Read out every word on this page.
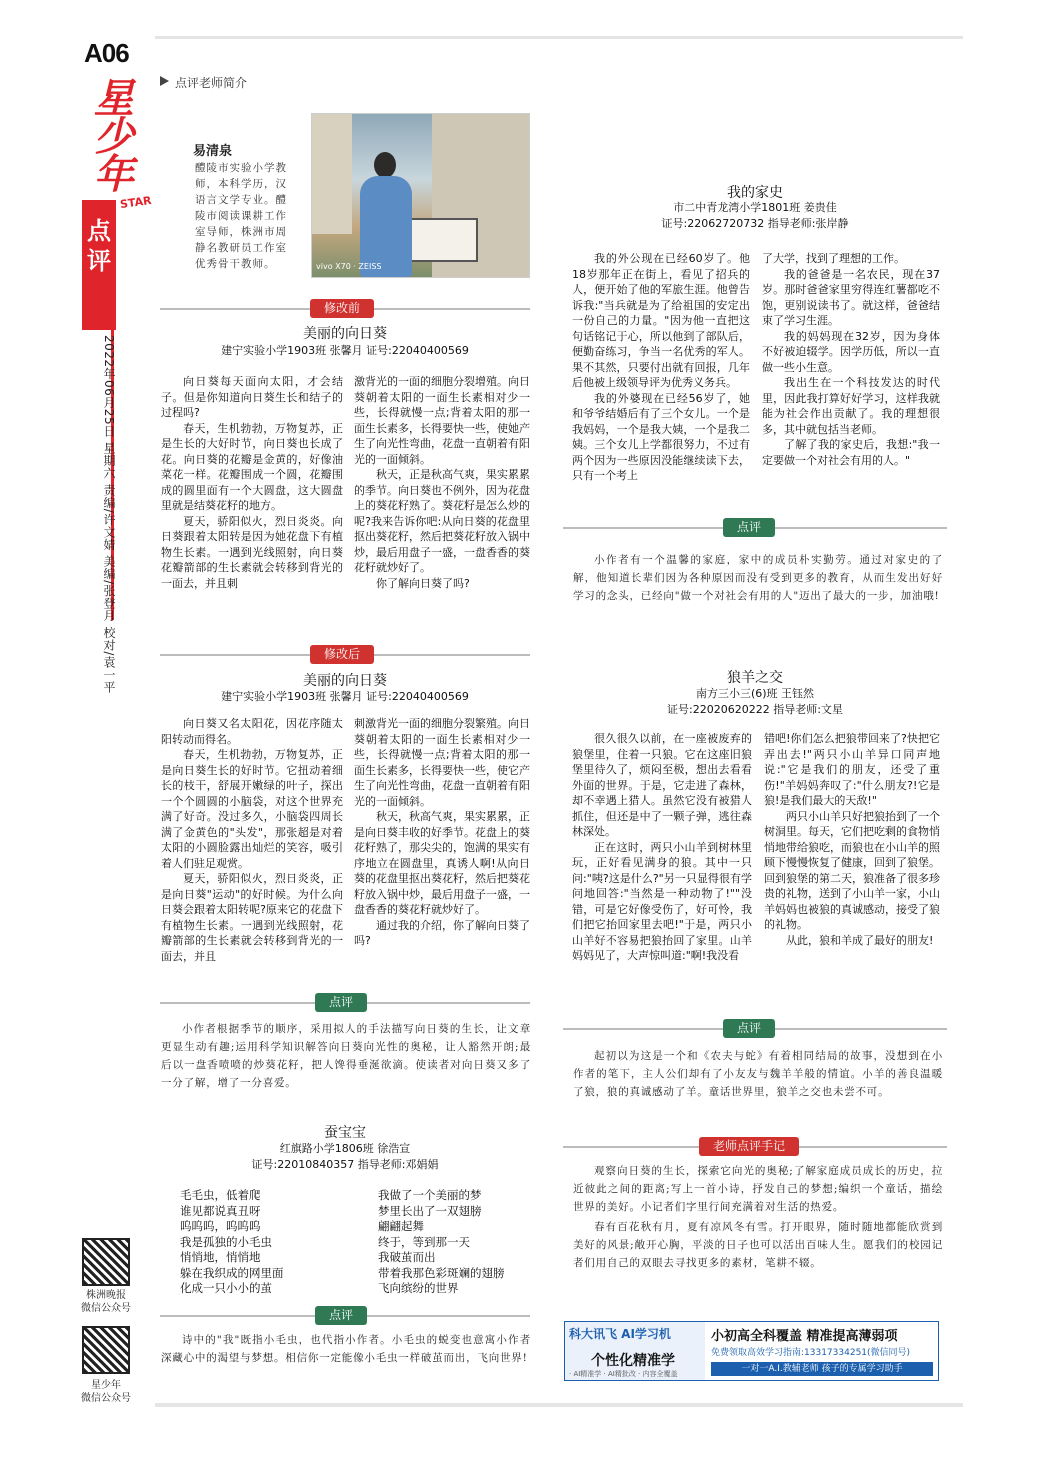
A06
星少年
STAR
点评
2022年06月25日 星期六 责编/许文婧 美编/张登月 校对/袁一平
株洲晚报
微信公众号
星少年
微信公众号
点评老师简介
易清泉
醴陵市实验小学教师，本科学历，汉语言文学专业。醴陵市阅读课耕工作室导师，株洲市周静名教研员工作室优秀骨干教师。	vivo X70 · ZEISS
修改前
美丽的向日葵
建宁实验小学1903班 张馨月 证号:22040400569

向日葵每天面向太阳，才会结子。但是你知道向日葵生长和结子的过程吗?

春天，生机勃勃，万物复苏，正是生长的大好时节，向日葵也长成了花。向日葵的花瓣是金黄的，好像油菜花一样。花瓣围成一个圆，花瓣围成的圆里面有一个大圆盘，这大圆盘里就是结葵花籽的地方。

夏天，骄阳似火，烈日炎炎。向日葵跟着太阳转是因为她花盘下有植物生长素。一遇到光线照射，向日葵花瓣箭部的生长素就会转移到背光的一面去，并且刺

激背光的一面的细胞分裂增殖。向日葵朝着太阳的一面生长素相对少一些，长得就慢一点;背着太阳的那一面生长素多，长得要快一些，使她产生了向光性弯曲，花盘一直朝着有阳光的一面倾斜。

秋天，正是秋高气爽，果实累累的季节。向日葵也不例外，因为花盘上的葵花籽熟了。葵花籽是怎么炒的呢?我来告诉你吧:从向日葵的花盘里抠出葵花籽，然后把葵花籽放入锅中炒，最后用盘子一盛，一盘香香的葵花籽就炒好了。

你了解向日葵了吗?

修改后
美丽的向日葵
建宁实验小学1903班 张馨月 证号:22040400569

向日葵又名太阳花，因花序随太阳转动而得名。

春天，生机勃勃，万物复苏，正是向日葵生长的好时节。它扭动着细长的枝干，舒展开嫩绿的叶子，探出一个个圆圆的小脑袋，对这个世界充满了好奇。没过多久，小脑袋四周长满了金黄色的"头发"，那张超是对着太阳的小圆脸露出灿烂的笑容，吸引着人们驻足观赏。

夏天，骄阳似火，烈日炎炎，正是向日葵"运动"的好时候。为什么向日葵会跟着太阳转呢?原来它的花盘下有植物生长素。一遇到光线照射，花瓣箭部的生长素就会转移到背光的一面去，并且

刺激背光一面的细胞分裂繁殖。向日葵朝着太阳的一面生长素相对少一些，长得就慢一点;背着太阳的那一面生长素多，长得要快一些，使它产生了向光性弯曲，花盘一直朝着有阳光的一面倾斜。

秋天，秋高气爽，果实累累，正是向日葵丰收的好季节。花盘上的葵花籽熟了，那尖尖的，饱满的果实有序地立在圆盘里，真诱人啊!从向日葵的花盘里抠出葵花籽，然后把葵花籽放入锅中炒，最后用盘子一盛，一盘香香的葵花籽就炒好了。

通过我的介绍，你了解向日葵了吗?

点评
小作者根据季节的顺序，采用拟人的手法描写向日葵的生长，让文章更显生动有趣;运用科学知识解答向日葵向光性的奥秘，让人豁然开朗;最后以一盘香喷喷的炒葵花籽，把人馋得垂涎欲滴。使读者对向日葵又多了一分了解，增了一分喜爱。
蚕宝宝
红旗路小学1806班 徐浩宣
证号:22010840357 指导老师:邓娟娟
毛毛虫，低着爬
谁见都说真丑呀
呜呜呜，呜呜呜
我是孤独的小毛虫
悄悄地，悄悄地
躲在我织成的网里面
化成一只小小的茧
我做了一个美丽的梦
梦里长出了一双翅膀
翩翩起舞
终于，等到那一天
我破茧而出
带着我那色彩斑斓的翅膀
飞向缤纷的世界
点评
诗中的"我"既指小毛虫，也代指小作者。小毛虫的蜕变也意寓小作者深藏心中的渴望与梦想。相信你一定能像小毛虫一样破茧而出，飞向世界!
我的家史
市二中青龙湾小学1801班 姜贵佳
证号:22062720732 指导老师:张岸静

我的外公现在已经60岁了。他18岁那年正在街上，看见了招兵的人，便开始了他的军旅生涯。他曾告诉我:"当兵就是为了给祖国的安定出一份自己的力量。"因为他一直把这句话铭记于心，所以他到了部队后，便勤奋练习，争当一名优秀的军人。果不其然，只要付出就有回报，几年后他被上级领导评为优秀义务兵。

我的外婆现在已经56岁了，她和爷爷结婚后有了三个女儿。一个是我妈妈，一个是我大姨，一个是我二姨。三个女儿上学都很努力，不过有两个因为一些原因没能继续读下去，只有一个考上

了大学，找到了理想的工作。

我的爸爸是一名农民，现在37岁。那时爸爸家里穷得连红薯都吃不饱，更别说读书了。就这样，爸爸结束了学习生涯。

我的妈妈现在32岁，因为身体不好被迫辍学。因学历低，所以一直做一些小生意。

我出生在一个科技发达的时代里，因此我打算好好学习，这样我就能为社会作出贡献了。我的理想很多，其中就包括当老师。

了解了我的家史后，我想:"我一定要做一个对社会有用的人。"

点评
小作者有一个温馨的家庭，家中的成员朴实勤劳。通过对家史的了解，他知道长辈们因为各种原因而没有受到更多的教育，从而生发出好好学习的念头，已经向"做一个对社会有用的人"迈出了最大的一步，加油哦!
狼羊之交
南方三小三(6)班 王钰然
证号:22020620222 指导老师:文星

很久很久以前，在一座被废弃的狼堡里，住着一只狼。它在这座旧狼堡里待久了，烦闷至极，想出去看看外面的世界。于是，它走进了森林，却不幸遇上猎人。虽然它没有被猎人抓住，但还是中了一颗子弹，逃往森林深处。

正在这时，两只小山羊到树林里玩，正好看见满身的狼。其中一只问:"咦?这是什么?"另一只显得很有学问地回答:"当然是一种动物了!""没错，可是它好像受伤了，好可怜，我们把它抬回家里去吧!"于是，两只小山羊好不容易把狼抬回了家里。山羊妈妈见了，大声惊叫道:"啊!我没看

错吧!你们怎么把狼带回来了?快把它弄出去!"两只小山羊异口同声地说:"它是我们的朋友，还受了重伤!"羊妈妈奔叹了:"什么朋友?!它是狼!是我们最大的天敌!"

两只小山羊只好把狼抬到了一个树洞里。每天，它们把吃剩的食物悄悄地带给狼吃，而狼也在小山羊的照顾下慢慢恢复了健康，回到了狼堡。回到狼堡的第二天，狼准备了很多珍贵的礼物，送到了小山羊一家，小山羊妈妈也被狼的真诚感动，接受了狼的礼物。

从此，狼和羊成了最好的朋友!

点评
起初以为这是一个和《农夫与蛇》有着相同结局的故事，没想到在小作者的笔下，主人公们却有了小友友与魏羊羊般的情谊。小羊的善良温暖了狼，狼的真诚感动了羊。童话世界里，狼羊之交也未尝不可。
老师点评手记
观察向日葵的生长，探索它向光的奥秘;了解家庭成员成长的历史，拉近彼此之间的距离;写上一首小诗，抒发自己的梦想;编织一个童话，描绘世界的美好。小记者们字里行间充满着对生活的热爱。
春有百花秋有月，夏有凉风冬有雪。打开眼界，随时随地都能欣赏到美好的风景;敞开心胸，平淡的日子也可以活出百味人生。愿我们的校园记者们用自己的双眼去寻找更多的素材，笔耕不辍。
科大讯飞 AI学习机
个性化精准学
· AI精准学 · AI精批改 · 内容全覆盖
小初高全科覆盖 精准提高薄弱项
免费领取高效学习指南:13317334251(微信同号)
一对一A.I.教辅老师 孩子的专属学习助手
